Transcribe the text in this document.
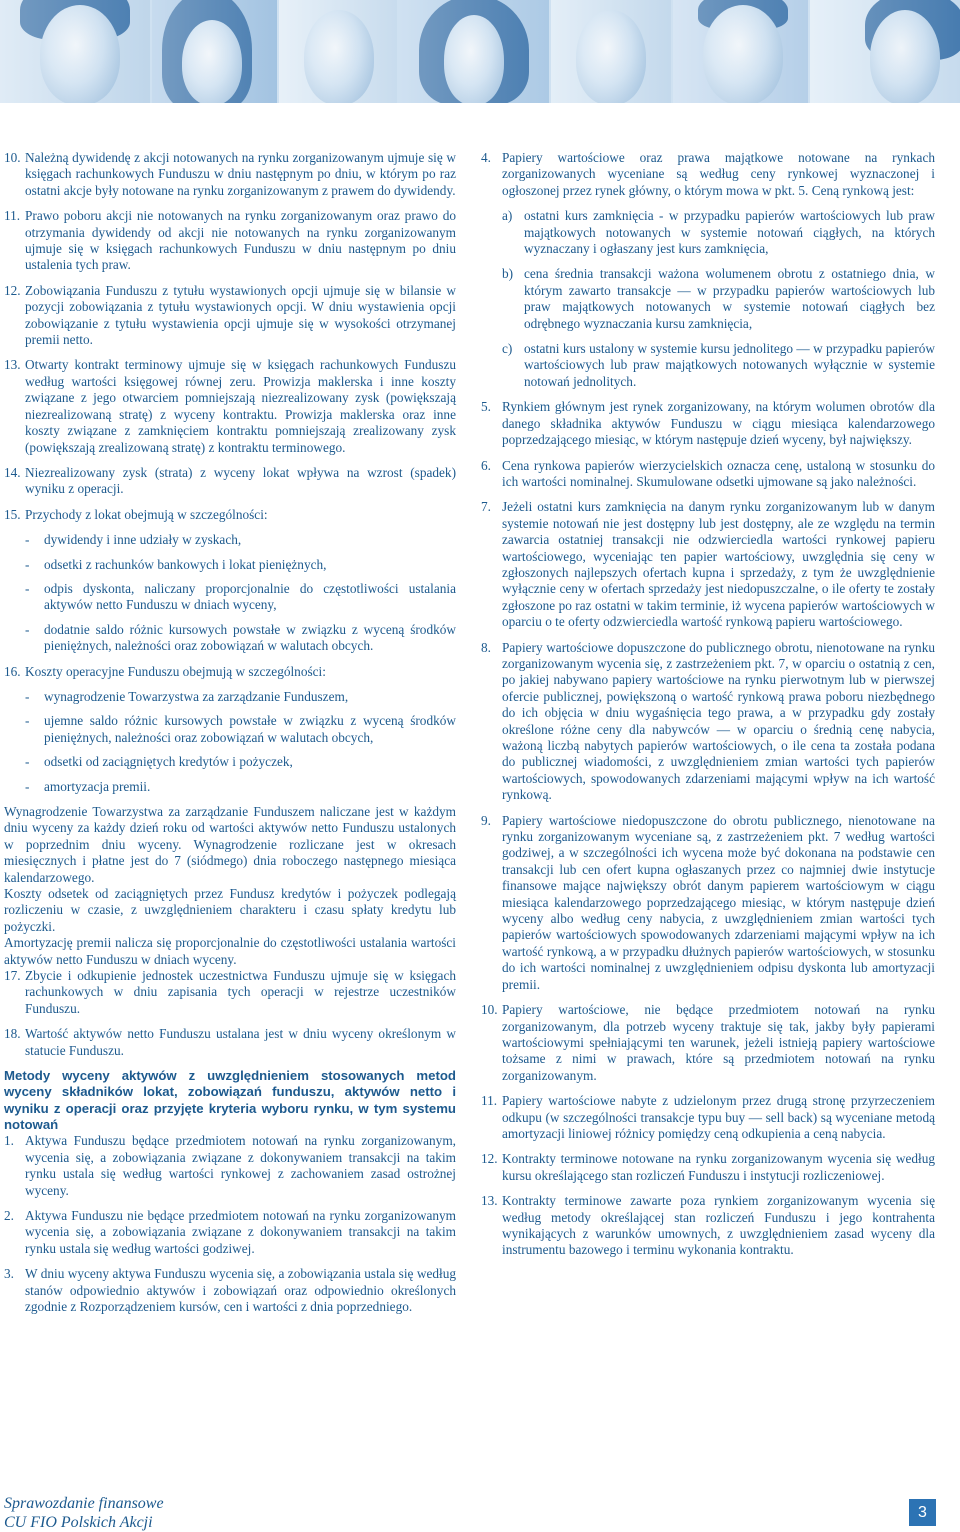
10. Należną dywidendę z akcji notowanych na rynku zorganizowanym ujmuje się w księgach rachunkowych Funduszu w dniu następnym po dniu, w którym po raz ostatni akcje były notowane na rynku zorganizowanym z prawem do dywidendy.
11. Prawo poboru akcji nie notowanych na rynku zorganizowanym oraz prawo do otrzymania dywidendy od akcji nie notowanych na rynku zorganizowanym ujmuje się w księgach rachunkowych Funduszu w dniu następnym po dniu ustalenia tych praw.
12. Zobowiązania Funduszu z tytułu wystawionych opcji ujmuje się w bilansie w pozycji zobowiązania z tytułu wystawionych opcji. W dniu wystawienia opcji zobowiązanie z tytułu wystawienia opcji ujmuje się w wysokości otrzymanej premii netto.
13. Otwarty kontrakt terminowy ujmuje się w księgach rachunkowych Funduszu według wartości księgowej równej zeru. Prowizja maklerska i inne koszty związane z jego otwarciem pomniejszają niezrealizowany zysk (powiększają niezrealizowaną stratę) z wyceny kontraktu. Prowizja maklerska oraz inne koszty związane z zamknięciem kontraktu pomniejszają zrealizowany zysk (powiększają zrealizowaną stratę) z kontraktu terminowego.
14. Niezrealizowany zysk (strata) z wyceny lokat wpływa na wzrost (spadek) wyniku z operacji.
15. Przychody z lokat obejmują w szczególności:
-	dywidendy i inne udziały w zyskach,
-	odsetki z rachunków bankowych i lokat pieniężnych,
-	odpis dyskonta, naliczany proporcjonalnie do częstotliwości ustalania aktywów netto Funduszu w dniach wyceny,
-	dodatnie saldo różnic kursowych powstałe w związku z wyceną środków pieniężnych, należności oraz zobowiązań w walutach obcych.
16. Koszty operacyjne Funduszu obejmują w szczególności:
-	wynagrodzenie Towarzystwa za zarządzanie Funduszem,
-	ujemne saldo różnic kursowych powstałe w związku z wyceną środków pieniężnych, należności oraz zobowiązań w walutach obcych,
-	odsetki od zaciągniętych kredytów i pożyczek,
-	amortyzacja premii.

Wynagrodzenie Towarzystwa za zarządzanie Funduszem naliczane jest w każdym dniu wyceny za każdy dzień roku od wartości aktywów netto Funduszu ustalonych w poprzednim dniu wyceny. Wynagrodzenie rozliczane jest w okresach miesięcznych i płatne jest do 7 (siódmego) dnia roboczego następnego miesiąca kalendarzowego.

Koszty odsetek od zaciągniętych przez Fundusz kredytów i pożyczek podlegają rozliczeniu w czasie, z uwzględnieniem charakteru i czasu spłaty kredytu lub pożyczki.

Amortyzację premii nalicza się proporcjonalnie do częstotliwości ustalania wartości aktywów netto Funduszu w dniach wyceny.

17. Zbycie i odkupienie jednostek uczestnictwa Funduszu ujmuje się w księgach rachunkowych w dniu zapisania tych operacji w rejestrze uczestników Funduszu.
18. Wartość aktywów netto Funduszu ustalana jest w dniu wyceny określonym w statucie Funduszu.

Metody wyceny aktywów z uwzględnieniem stosowanych metod wyceny składników lokat, zobowiązań funduszu, aktywów netto i wyniku z operacji oraz przyjęte kryteria wyboru rynku, w tym systemu notowań

1. Aktywa Funduszu będące przedmiotem notowań na rynku zorganizowanym, wycenia się, a zobowiązania związane z dokonywaniem transakcji na takim rynku ustala się według wartości rynkowej z zachowaniem zasad ostrożnej wyceny.
2. Aktywa Funduszu nie będące przedmiotem notowań na rynku zorganizowanym wycenia się, a zobowiązania związane z dokonywaniem transakcji na takim rynku ustala się według wartości godziwej.
3. W dniu wyceny aktywa Funduszu wycenia się, a zobowiązania ustala się według stanów odpowiednio aktywów i zobowiązań oraz odpowiednio określonych zgodnie z Rozporządzeniem kursów, cen i wartości z dnia poprzedniego.
4. Papiery wartościowe oraz prawa majątkowe notowane na rynkach zorganizowanych wyceniane są według ceny rynkowej wyznaczonej i ogłoszonej przez rynek główny, o którym mowa w pkt. 5. Ceną rynkową jest:
a) ostatni kurs zamknięcia - w przypadku papierów wartościowych lub praw majątkowych notowanych w systemie notowań ciągłych, na których wyznaczany i ogłaszany jest kurs zamknięcia,
b) cena średnia transakcji ważona wolumenem obrotu z ostatniego dnia, w którym zawarto transakcje — w przypadku papierów wartościowych lub praw majątkowych notowanych w systemie notowań ciągłych bez odrębnego wyznaczania kursu zamknięcia,
c) ostatni kurs ustalony w systemie kursu jednolitego — w przypadku papierów wartościowych lub praw majątkowych notowanych wyłącznie w systemie notowań jednolitych.
5. Rynkiem głównym jest rynek zorganizowany, na którym wolumen obrotów dla danego składnika aktywów Funduszu w ciągu miesiąca kalendarzowego poprzedzającego miesiąc, w którym następuje dzień wyceny, był największy.
6. Cena rynkowa papierów wierzycielskich oznacza cenę, ustaloną w stosunku do ich wartości nominalnej. Skumulowane odsetki ujmowane są jako należności.
7. Jeżeli ostatni kurs zamknięcia na danym rynku zorganizowanym lub w danym systemie notowań nie jest dostępny lub jest dostępny, ale ze względu na termin zawarcia ostatniej transakcji nie odzwierciedla wartości rynkowej papieru wartościowego, wyceniając ten papier wartościowy, uwzględnia się ceny w zgłoszonych najlepszych ofertach kupna i sprzedaży, z tym że uwzględnienie wyłącznie ceny w ofertach sprzedaży jest niedopuszczalne, o ile oferty te zostały zgłoszone po raz ostatni w takim terminie, iż wycena papierów wartościowych w oparciu o te oferty odzwierciedla wartość rynkową papieru wartościowego.
8. Papiery wartościowe dopuszczone do publicznego obrotu, nienotowane na rynku zorganizowanym wycenia się, z zastrzeżeniem pkt. 7, w oparciu o ostatnią z cen, po jakiej nabywano papiery wartościowe na rynku pierwotnym lub w pierwszej ofercie publicznej, powiększoną o wartość rynkową prawa poboru niezbędnego do ich objęcia w dniu wygaśnięcia tego prawa, a w przypadku gdy zostały określone różne ceny dla nabywców — w oparciu o średnią cenę nabycia, ważoną liczbą nabytych papierów wartościowych, o ile cena ta została podana do publicznej wiadomości, z uwzględnieniem zmian wartości tych papierów wartościowych, spowodowanych zdarzeniami mającymi wpływ na ich wartość rynkową.
9. Papiery wartościowe niedopuszczone do obrotu publicznego, nienotowane na rynku zorganizowanym wyceniane są, z zastrzeżeniem pkt. 7 według wartości godziwej, a w szczególności ich wycena może być dokonana na podstawie cen transakcji lub cen ofert kupna ogłaszanych przez co najmniej dwie instytucje finansowe mające największy obrót danym papierem wartościowym w ciągu miesiąca kalendarzowego poprzedzającego miesiąc, w którym następuje dzień wyceny albo według ceny nabycia, z uwzględnieniem zmian wartości tych papierów wartościowych spowodowanych zdarzeniami mającymi wpływ na ich wartość rynkową, a w przypadku dłużnych papierów wartościowych, w stosunku do ich wartości nominalnej z uwzględnieniem odpisu dyskonta lub amortyzacji premii.
10. Papiery wartościowe, nie będące przedmiotem notowań na rynku zorganizowanym, dla potrzeb wyceny traktuje się tak, jakby były papierami wartościowymi spełniającymi ten warunek, jeżeli istnieją papiery wartościowe tożsame z nimi w prawach, które są przedmiotem notowań na rynku zorganizowanym.
11. Papiery wartościowe nabyte z udzielonym przez drugą stronę przyrzeczeniem odkupu (w szczególności transakcje typu buy — sell back) są wyceniane metodą amortyzacji liniowej różnicy pomiędzy ceną odkupienia a ceną nabycia.
12. Kontrakty terminowe notowane na rynku zorganizowanym wycenia się według kursu określającego stan rozliczeń Funduszu i instytucji rozliczeniowej.
13. Kontrakty terminowe zawarte poza rynkiem zorganizowanym wycenia się według metody określającej stan rozliczeń Funduszu i jego kontrahenta wynikających z warunków umownych, z uwzględnieniem zasad wyceny dla instrumentu bazowego i terminu wykonania kontraktu.
Sprawozdanie finansowe
CU FIO Polskich Akcji
3
